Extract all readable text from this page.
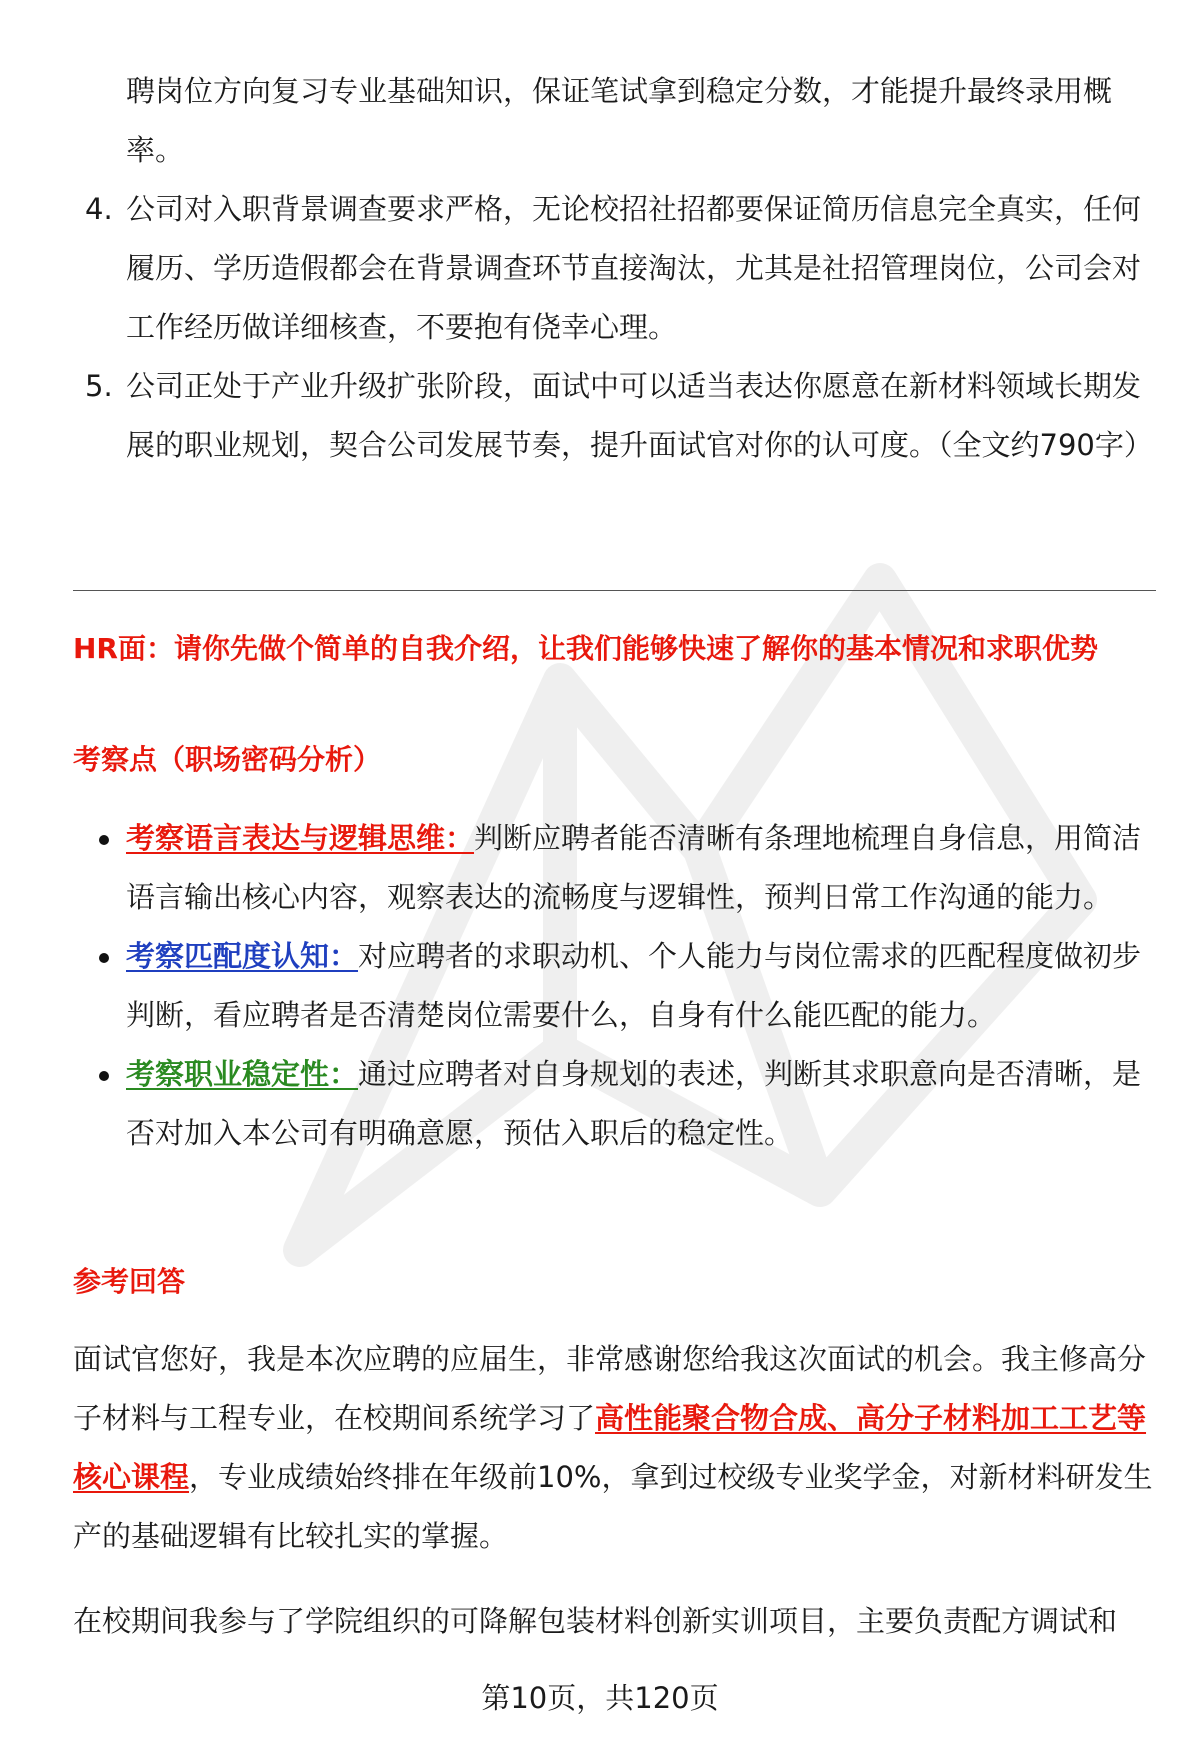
聘岗位方向复习专业基础知识，保证笔试拿到稳定分数，才能提升最终录用概率。

4. 公司对入职背景调查要求严格，无论校招社招都要保证简历信息完全真实，任何履历、学历造假都会在背景调查环节直接淘汰，尤其是社招管理岗位，公司会对工作经历做详细核查，不要抱有侥幸心理。
5. 公司正处于产业升级扩张阶段，面试中可以适当表达你愿意在新材料领域长期发展的职业规划，契合公司发展节奏，提升面试官对你的认可度。（全文约790字）

HR面：请你先做个简单的自我介绍，让我们能够快速了解你的基本情况和求职优势

考察点（职场密码分析）

考察语言表达与逻辑思维：判断应聘者能否清晰有条理地梳理自身信息，用简洁语言输出核心内容，观察表达的流畅度与逻辑性，预判日常工作沟通的能力。
考察匹配度认知：对应聘者的求职动机、个人能力与岗位需求的匹配程度做初步判断，看应聘者是否清楚岗位需要什么，自身有什么能匹配的能力。
考察职业稳定性：通过应聘者对自身规划的表述，判断其求职意向是否清晰，是否对加入本公司有明确意愿，预估入职后的稳定性。

参考回答

面试官您好，我是本次应聘的应届生，非常感谢您给我这次面试的机会。我主修高分子材料与工程专业，在校期间系统学习了高性能聚合物合成、高分子材料加工工艺等核心课程，专业成绩始终排在年级前10%，拿到过校级专业奖学金，对新材料研发生产的基础逻辑有比较扎实的掌握。

在校期间我参与了学院组织的可降解包装材料创新实训项目，主要负责配方调试和

第10页，共120页
